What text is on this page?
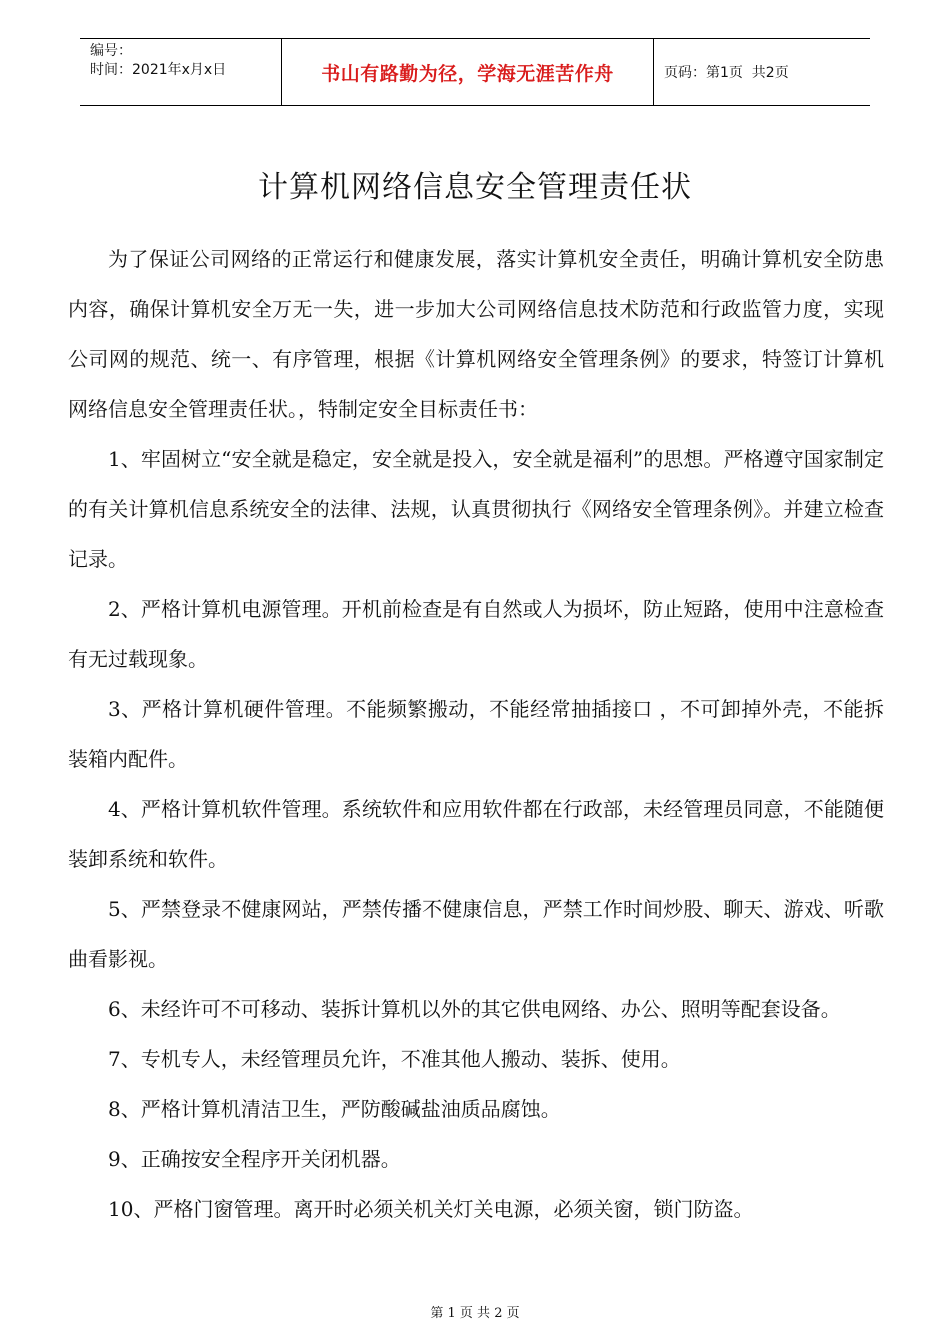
编号：
时间：2021年x月x日	书山有路勤为径，学海无涯苦作舟	页码：第1页  共2页
计算机网络信息安全管理责任状

为了保证公司网络的正常运行和健康发展，落实计算机安全责任，明确计算机安全防患内容，确保计算机安全万无一失，进一步加大公司网络信息技术防范和行政监管力度，实现公司网的规范、统一、有序管理，根据《计算机网络安全管理条例》的要求，特签订计算机网络信息安全管理责任状。，特制定安全目标责任书：

1、牢固树立“安全就是稳定，安全就是投入，安全就是福利”的思想。严格遵守国家制定的有关计算机信息系统安全的法律、法规，认真贯彻执行《网络安全管理条例》。并建立检查记录。

2、严格计算机电源管理。开机前检查是有自然或人为损坏，防止短路，使用中注意检查有无过载现象。

3、严格计算机硬件管理。不能频繁搬动，不能经常抽插接口 ，不可卸掉外壳，不能拆装箱内配件。

4、严格计算机软件管理。系统软件和应用软件都在行政部，未经管理员同意，不能随便装卸系统和软件。

5、严禁登录不健康网站，严禁传播不健康信息，严禁工作时间炒股、聊天、游戏、听歌曲看影视。

6、未经许可不可移动、装拆计算机以外的其它供电网络、办公、照明等配套设备。

7、专机专人，未经管理员允许，不准其他人搬动、装拆、使用。

8、严格计算机清洁卫生，严防酸碱盐油质品腐蚀。

9、正确按安全程序开关闭机器。

10、严格门窗管理。离开时必须关机关灯关电源，必须关窗，锁门防盗。

第 1 页 共 2 页
